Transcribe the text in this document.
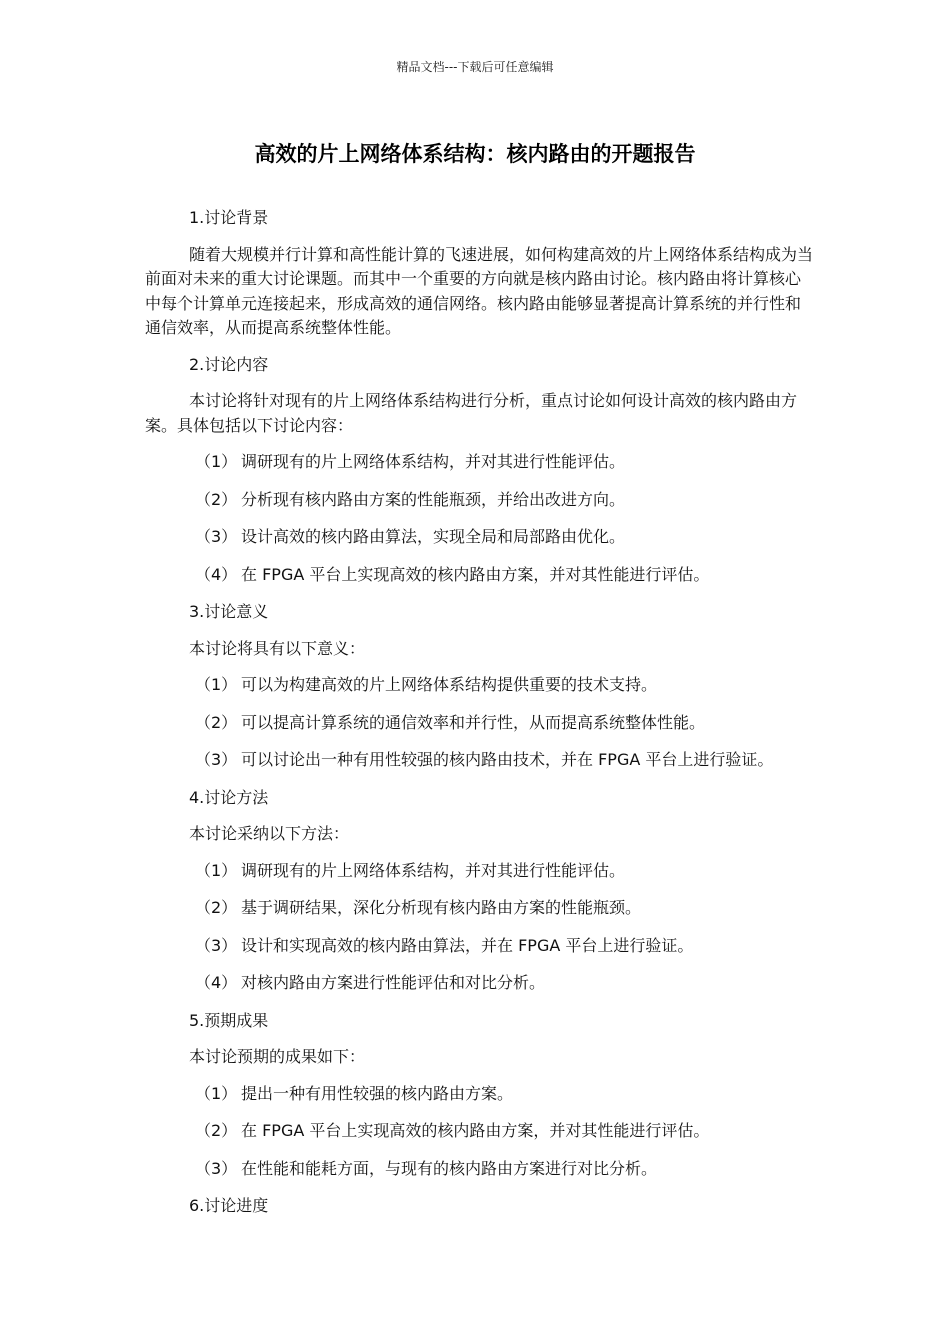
精品文档---下载后可任意编辑
高效的片上网络体系结构：核内路由的开题报告
1.讨论背景
随着大规模并行计算和高性能计算的飞速进展，如何构建高效的片上网络体系结构成为当前面对未来的重大讨论课题。而其中一个重要的方向就是核内路由讨论。核内路由将计算核心中每个计算单元连接起来，形成高效的通信网络。核内路由能够显著提高计算系统的并行性和通信效率，从而提高系统整体性能。
2.讨论内容
本讨论将针对现有的片上网络体系结构进行分析，重点讨论如何设计高效的核内路由方案。具体包括以下讨论内容：
（1） 调研现有的片上网络体系结构，并对其进行性能评估。
（2） 分析现有核内路由方案的性能瓶颈，并给出改进方向。
（3） 设计高效的核内路由算法，实现全局和局部路由优化。
（4） 在 FPGA 平台上实现高效的核内路由方案，并对其性能进行评估。
3.讨论意义
本讨论将具有以下意义：
（1） 可以为构建高效的片上网络体系结构提供重要的技术支持。
（2） 可以提高计算系统的通信效率和并行性，从而提高系统整体性能。
（3） 可以讨论出一种有用性较强的核内路由技术，并在 FPGA 平台上进行验证。
4.讨论方法
本讨论采纳以下方法：
（1） 调研现有的片上网络体系结构，并对其进行性能评估。
（2） 基于调研结果，深化分析现有核内路由方案的性能瓶颈。
（3） 设计和实现高效的核内路由算法，并在 FPGA 平台上进行验证。
（4） 对核内路由方案进行性能评估和对比分析。
5.预期成果
本讨论预期的成果如下：
（1） 提出一种有用性较强的核内路由方案。
（2） 在 FPGA 平台上实现高效的核内路由方案，并对其性能进行评估。
（3） 在性能和能耗方面，与现有的核内路由方案进行对比分析。
6.讨论进度
